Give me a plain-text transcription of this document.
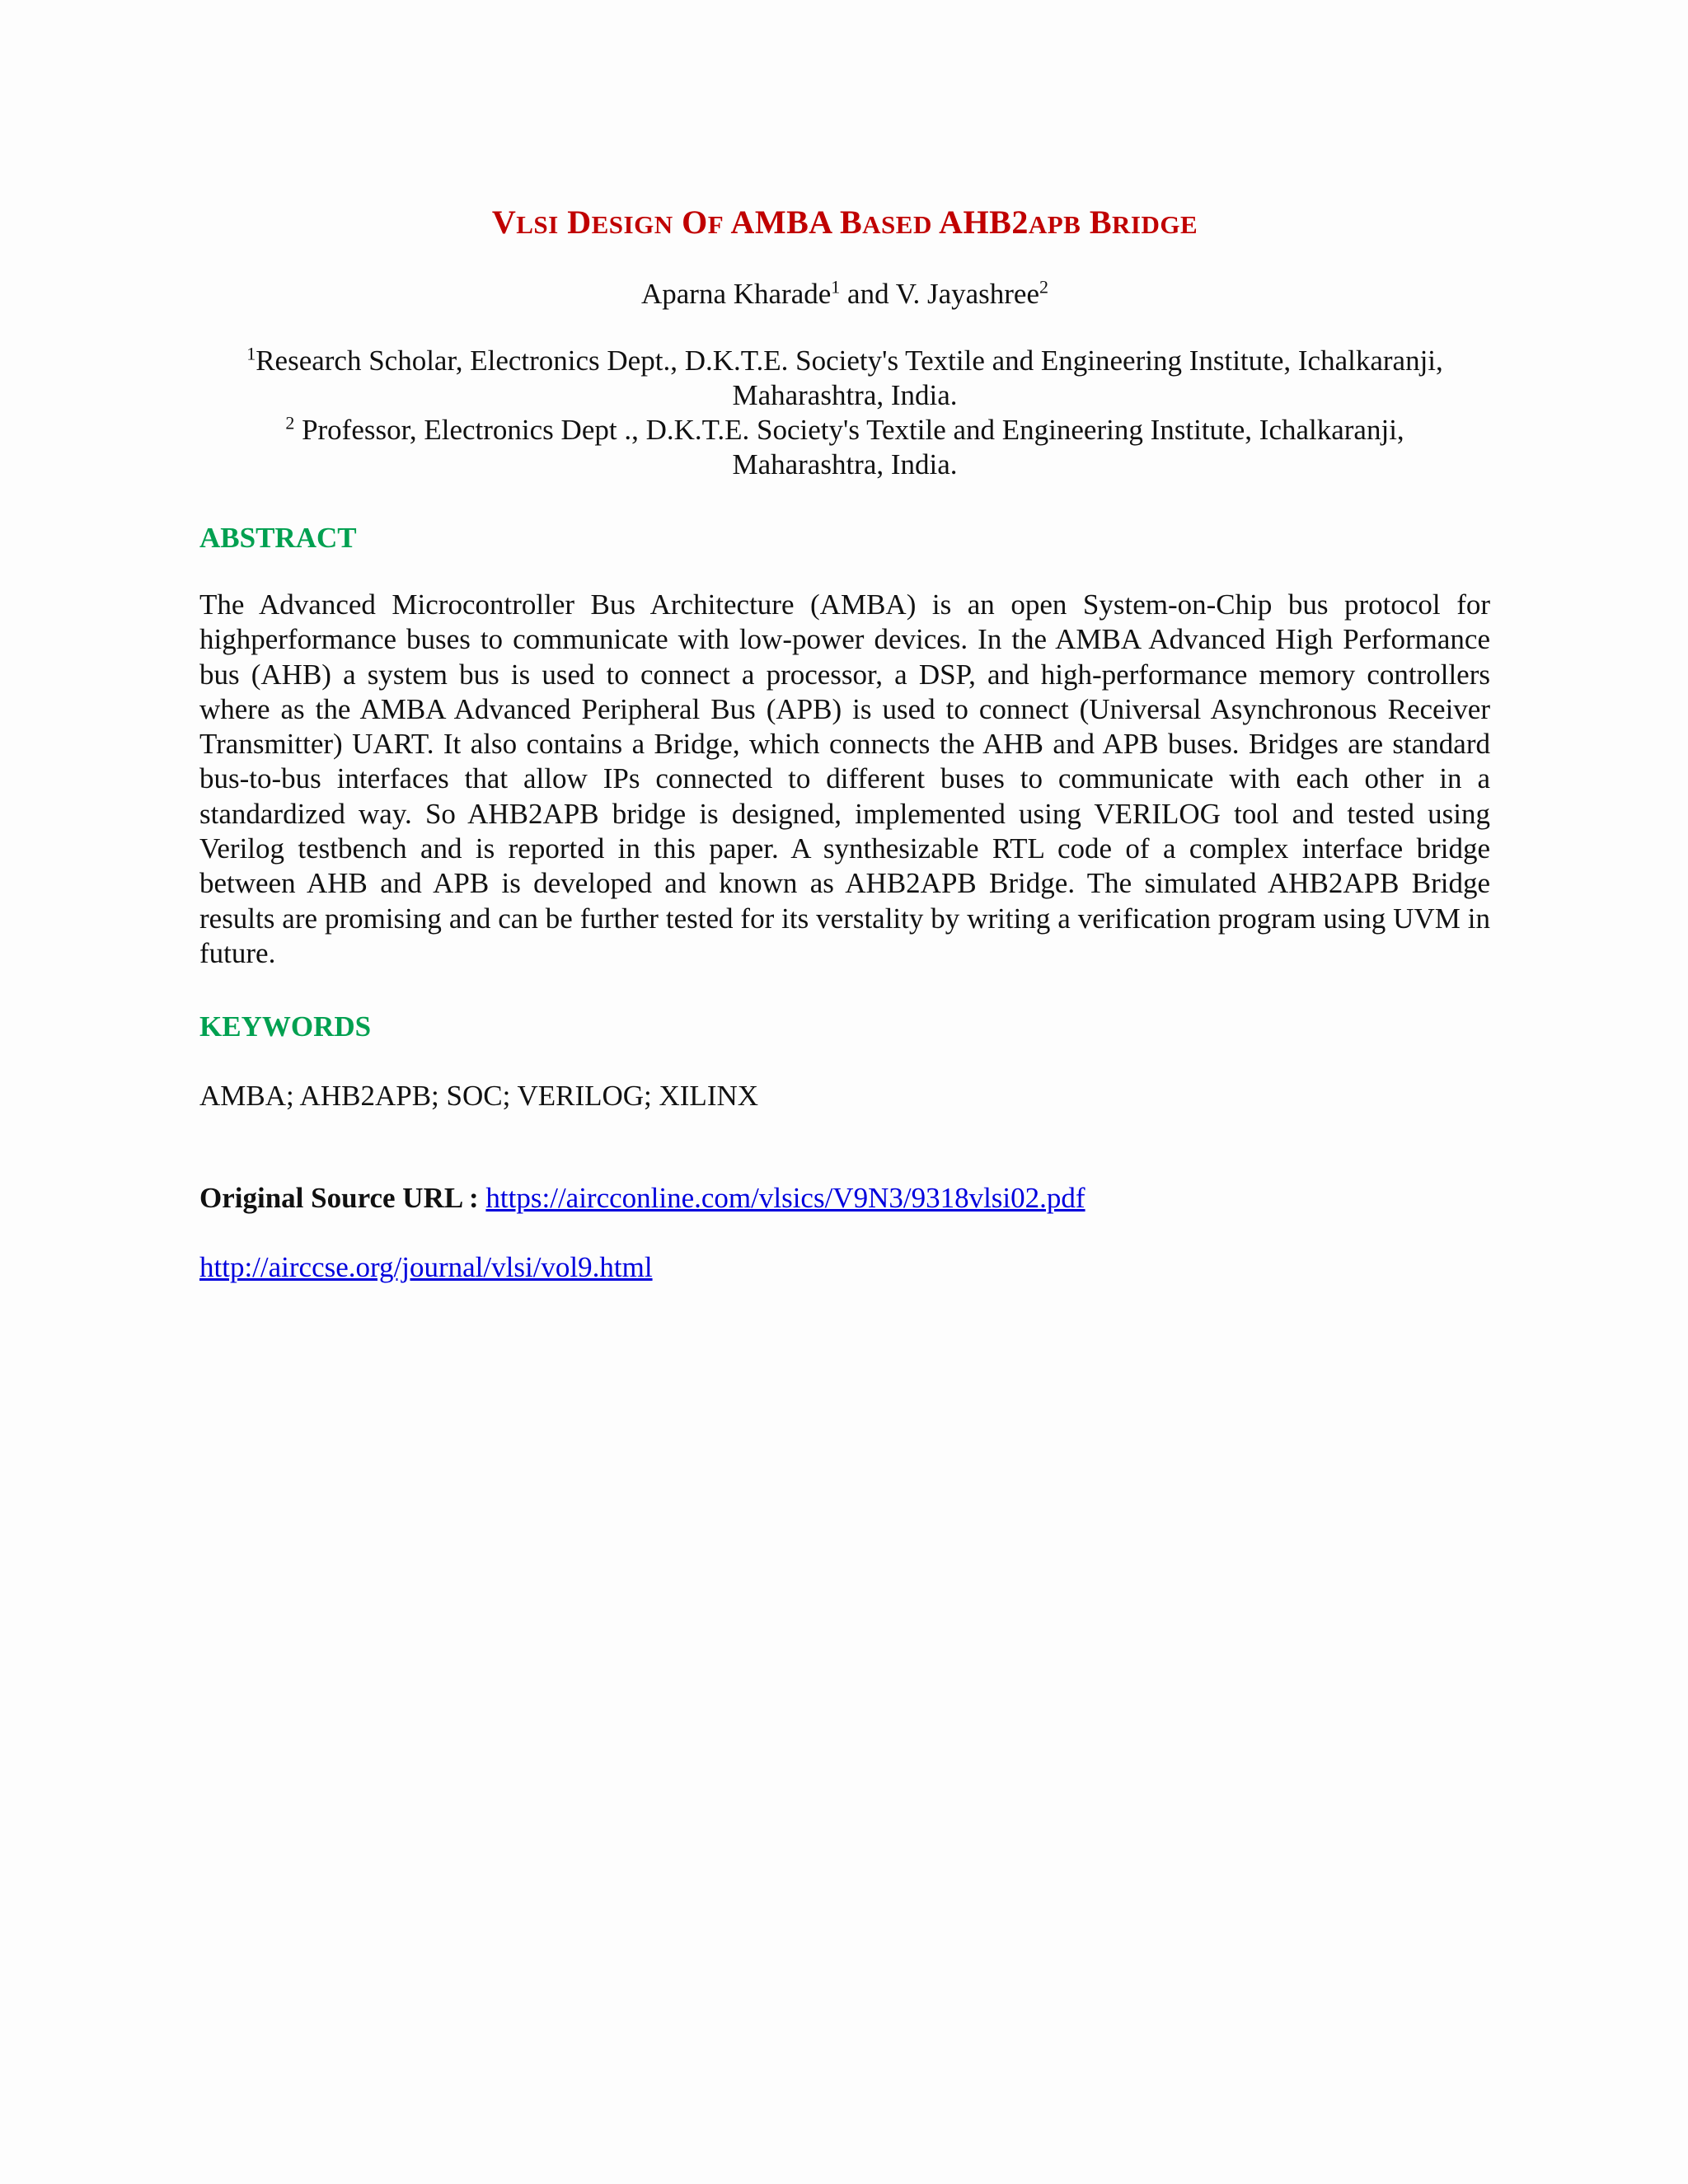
VLSI DESIGN OF AMBA BASED AHB2APB BRIDGE

Aparna Kharade$^1$ and V. Jayashree$^2$

$^1$Research Scholar, Electronics Dept., D.K.T.E. Society's Textile and Engineering Institute, Ichalkaranji,

Maharashtra, India.

$^2$ Professor, Electronics Dept ., D.K.T.E. Society's Textile and Engineering Institute, Ichalkaranji,

Maharashtra, India.

ABSTRACT

The Advanced Microcontroller Bus Architecture (AMBA) is an open System-on-Chip bus protocol for highperformance buses to communicate with low-power devices. In the AMBA Advanced High Performance bus (AHB) a system bus is used to connect a processor, a DSP, and high-performance memory controllers where as the AMBA Advanced Peripheral Bus (APB) is used to connect (Universal Asynchronous Receiver Transmitter) UART. It also contains a Bridge, which connects the AHB and APB buses. Bridges are standard bus-to-bus interfaces that allow IPs connected to different buses to communicate with each other in a standardized way. So AHB2APB bridge is designed, implemented using VERILOG tool and tested using Verilog testbench and is reported in this paper. A synthesizable RTL code of a complex interface bridge between AHB and APB is developed and known as AHB2APB Bridge. The simulated AHB2APB Bridge results are promising and can be further tested for its verstality by writing a verification program using UVM in future.

KEYWORDS

AMBA; AHB2APB; SOC; VERILOG; XILINX

Original Source URL : https://aircconline.com/vlsics/V9N3/9318vlsi02.pdf

http://airccse.org/journal/vlsi/vol9.html
